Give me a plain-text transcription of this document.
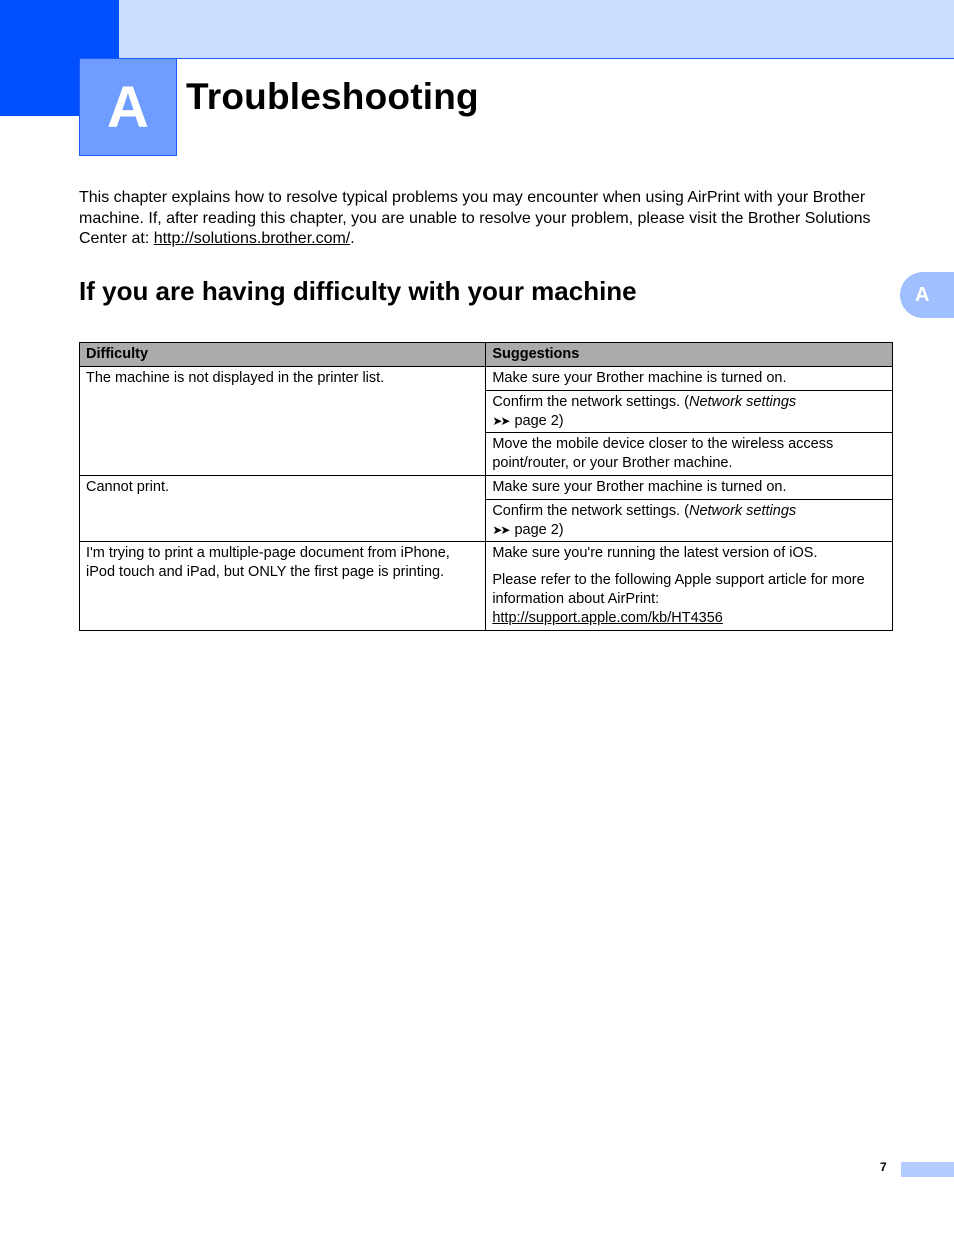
A Troubleshooting

This chapter explains how to resolve typical problems you may encounter when using AirPrint with your Brother machine. If, after reading this chapter, you are unable to resolve your problem, please visit the Brother Solutions Center at: http://solutions.brother.com/.

If you are having difficulty with your machine	A
Difficulty	Suggestions
The machine is not displayed in the printer list.	Make sure your Brother machine is turned on.
	Confirm the network settings. (Network settings
➤➤ page 2)
	Move the mobile device closer to the wireless access point/router, or your Brother machine.
Cannot print.	Make sure your Brother machine is turned on.
	Confirm the network settings. (Network settings
➤➤ page 2)
I'm trying to print a multiple-page document from iPhone, iPod touch and iPad, but ONLY the first page is printing.	Make sure you're running the latest version of iOS.
Please refer to the following Apple support article for more information about AirPrint:
http://support.apple.com/kb/HT4356
7
